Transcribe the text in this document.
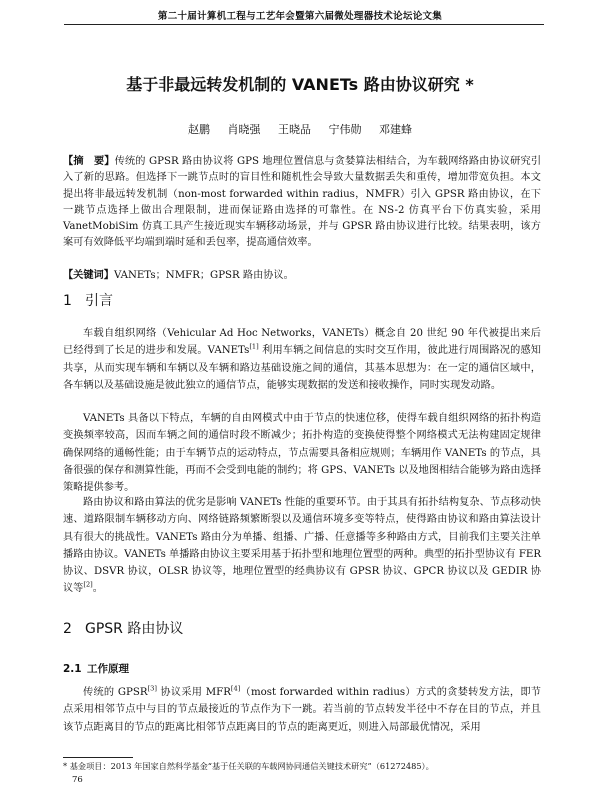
第二十届计算机工程与工艺年会暨第六届微处理器技术论坛论文集
基于非最远转发机制的 VANETs 路由协议研究 *
赵鹏 肖晓强 王晓品 宁伟勋 邓建蜂
【摘　要】传统的 GPSR 路由协议将 GPS 地理位置信息与贪婪算法相结合，为车载网络路由协议研究引入了新的思路。但选择下一跳节点时的盲目性和随机性会导致大量数据丢失和重传，增加带宽负担。本文提出将非最远转发机制（non-most forwarded within radius，NMFR）引入 GPSR 路由协议，在下一跳节点选择上做出合理限制，进而保证路由选择的可靠性。在 NS-2 仿真平台下仿真实验，采用 VanetMobiSim 仿真工具产生接近现实车辆移动场景，并与 GPSR 路由协议进行比较。结果表明，该方案可有效降低平均端到端时延和丢包率，提高通信效率。
【关键词】VANETs；NMFR；GPSR 路由协议。
1 引言
车载自组织网络（Vehicular Ad Hoc Networks，VANETs）概念自 20 世纪 90 年代被提出来后已经得到了长足的进步和发展。VANETs[1] 利用车辆之间信息的实时交互作用，彼此进行周围路况的感知共享，从而实现车辆和车辆以及车辆和路边基础设施之间的通信，其基本思想为：在一定的通信区域中，各车辆以及基础设施是彼此独立的通信节点，能够实现数据的发送和接收操作，同时实现发动路。
VANETs 具备以下特点，车辆的自由网模式中由于节点的快速位移，使得车载自组织网络的拓扑构造变换频率较高，因而车辆之间的通信时段不断减少；拓扑构造的变换使得整个网络模式无法构建固定规律确保网络的通畅性能；由于车辆节点的运动特点，节点需要具备相应规则；车辆用作 VANETs 的节点，具备很强的保存和测算性能，再而不会受到电能的制约；将 GPS、VANETs 以及地图相结合能够为路由选择策略提供参考。
路由协议和路由算法的优劣是影响 VANETs 性能的重要环节。由于其具有拓扑结构复杂、节点移动快速、道路限制车辆移动方向、网络链路频繁断裂以及通信环境多变等特点，使得路由协议和路由算法设计具有很大的挑战性。VANETs 路由分为单播、组播、广播、任意播等多种路由方式，目前我们主要关注单播路由协议。VANETs 单播路由协议主要采用基于拓扑型和地理位置型的两种。典型的拓扑型协议有 FER 协议、DSVR 协议，OLSR 协议等，地理位置型的经典协议有 GPSR 协议、GPCR 协议以及 GEDIR 协议等[2]。
2 GPSR 路由协议
2.1 工作原理
传统的 GPSR[3] 协议采用 MFR[4]（most forwarded within radius）方式的贪婪转发方法，即节点采用相邻节点中与目的节点最接近的节点作为下一跳。若当前的节点转发半径中不存在目的节点，并且该节点距离目的节点的距离比相邻节点距离目的节点的距离更近，则进入局部最优情况，采用
* 基金项目：2013 年国家自然科学基金“基于任关联的车载网协同通信关键技术研究”（61272485）。
76
